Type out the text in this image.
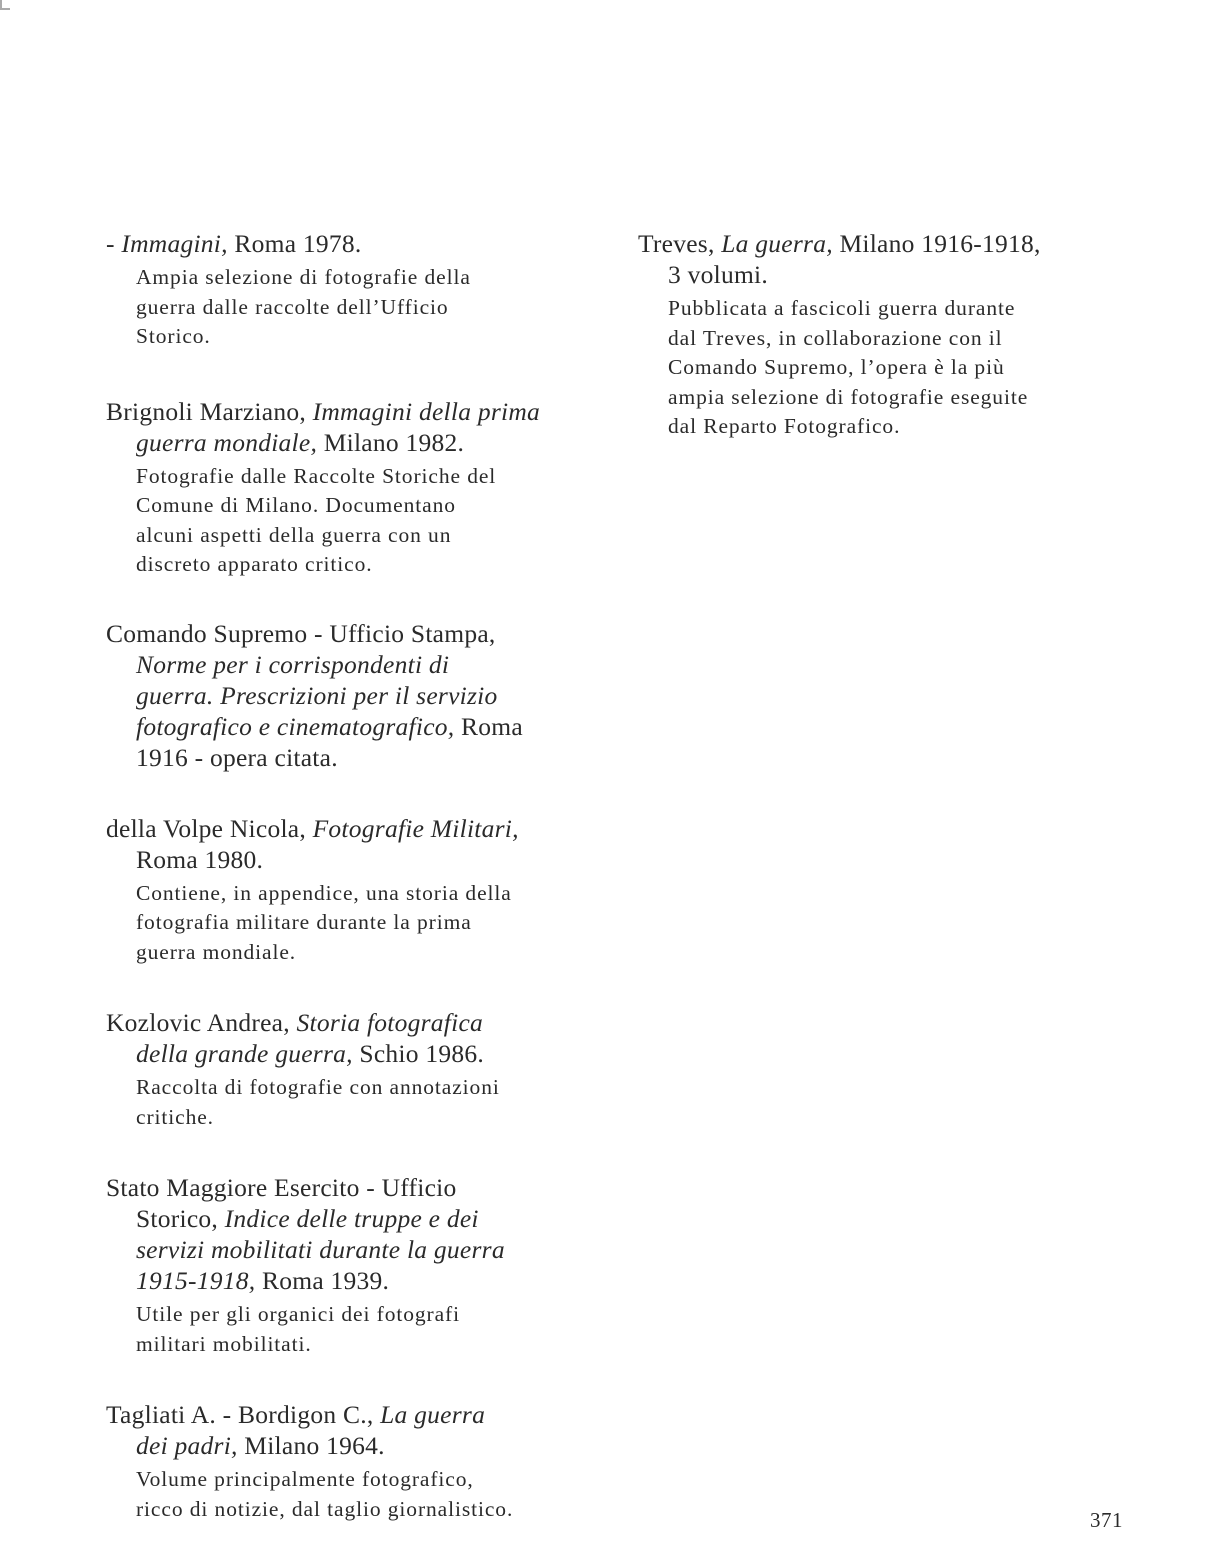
- Immagini, Roma 1978.
Ampia selezione di fotografie della
guerra dalle raccolte dell’Ufficio
Storico.
Brignoli Marziano, Immagini della prima
guerra mondiale, Milano 1982.
Fotografie dalle Raccolte Storiche del
Comune di Milano. Documentano
alcuni aspetti della guerra con un
discreto apparato critico.
Comando Supremo - Ufficio Stampa,
Norme per i corrispondenti di
guerra. Prescrizioni per il servizio
fotografico e cinematografico, Roma
1916 - opera citata.
della Volpe Nicola, Fotografie Militari,
Roma 1980.
Contiene, in appendice, una storia della
fotografia militare durante la prima
guerra mondiale.
Kozlovic Andrea, Storia fotografica
della grande guerra, Schio 1986.
Raccolta di fotografie con annotazioni
critiche.
Stato Maggiore Esercito - Ufficio
Storico, Indice delle truppe e dei
servizi mobilitati durante la guerra
1915-1918, Roma 1939.
Utile per gli organici dei fotografi
militari mobilitati.
Tagliati A. - Bordigon C., La guerra
dei padri, Milano 1964.
Volume principalmente fotografico,
ricco di notizie, dal taglio giornalistico.
Treves, La guerra, Milano 1916-1918,
3 volumi.
Pubblicata a fascicoli guerra durante
dal Treves, in collaborazione con il
Comando Supremo, l’opera è la più
ampia selezione di fotografie eseguite
dal Reparto Fotografico.
371
